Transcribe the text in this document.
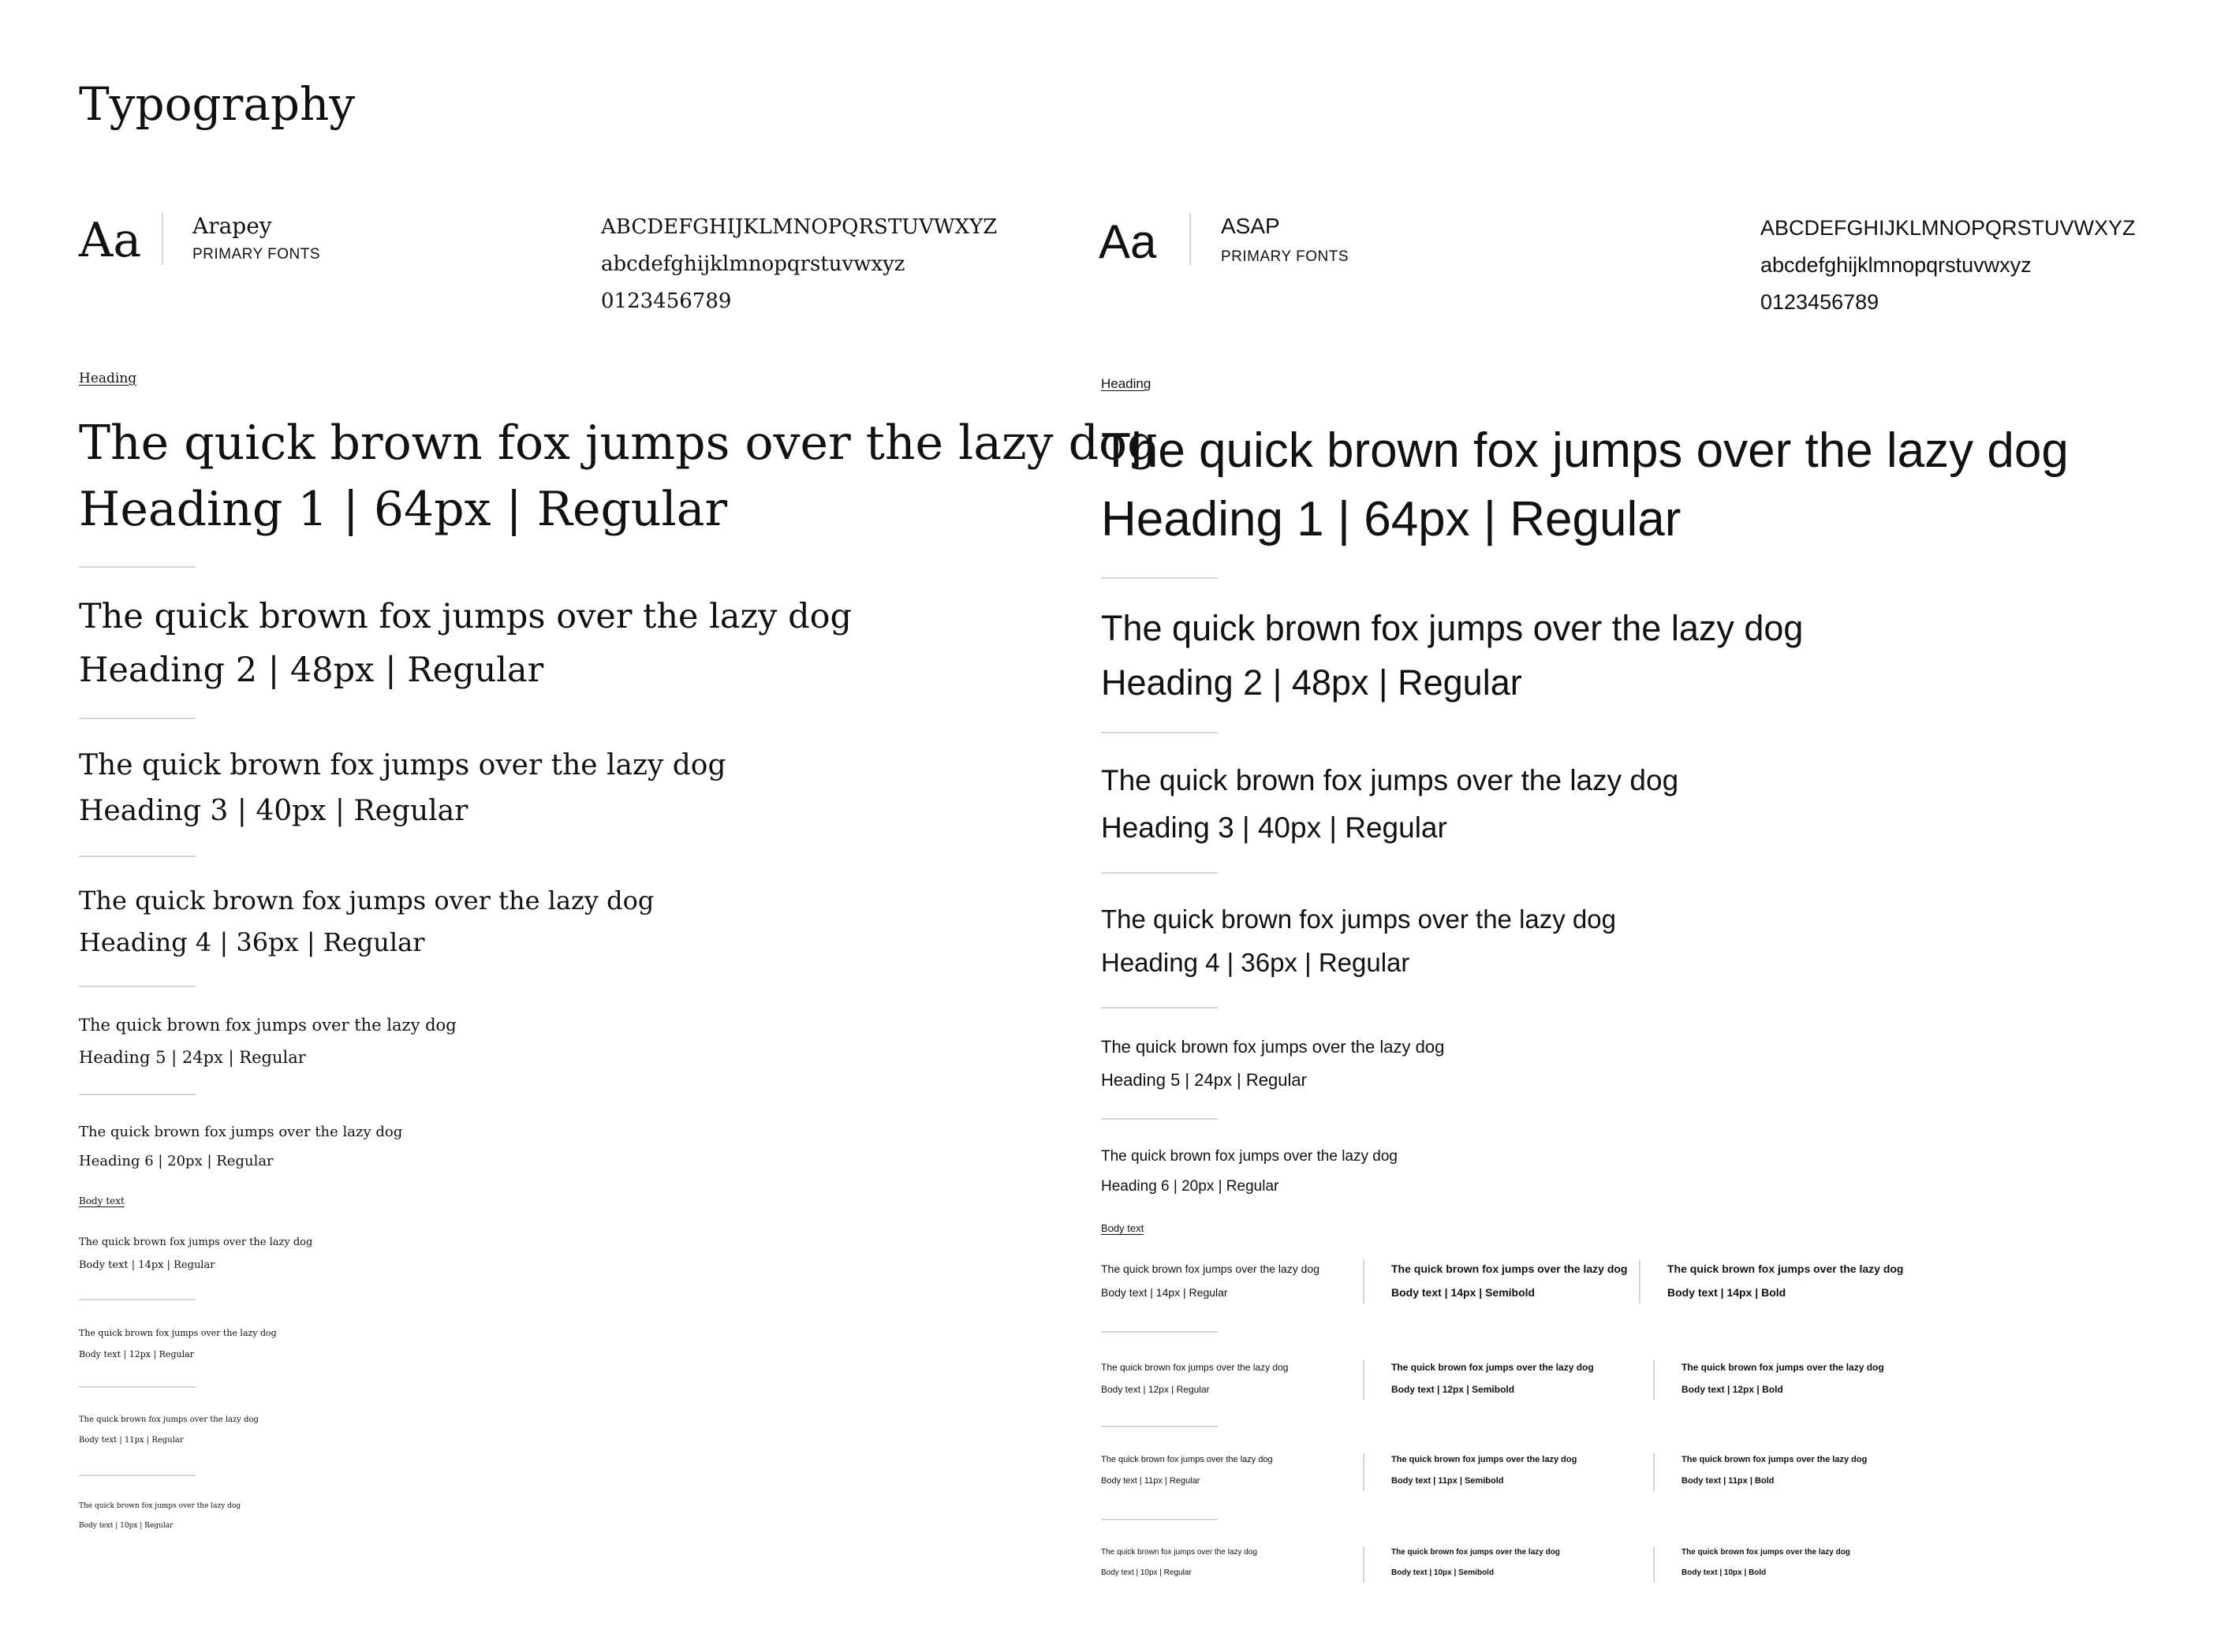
Typography
Aa Arapey
PRIMARY FONTS
ABCDEFGHIJKLMNOPQRSTUVWXYZ
abcdefghijklmnopqrstuvwxyz
0123456789
Heading
The quick brown fox jumps over the lazy dog
Heading 1 | 64px | Regular
The quick brown fox jumps over the lazy dog
Heading 2 | 48px | Regular
The quick brown fox jumps over the lazy dog
Heading 3 | 40px | Regular
The quick brown fox jumps over the lazy dog
Heading 4 | 36px | Regular
The quick brown fox jumps over the lazy dog
Heading 5 | 24px | Regular
The quick brown fox jumps over the lazy dog
Heading 6 | 20px | Regular
Body text
The quick brown fox jumps over the lazy dog
Body text | 14px | Regular
The quick brown fox jumps over the lazy dog
Body text | 12px | Regular
The quick brown fox jumps over the lazy dog
Body text | 11px | Regular
The quick brown fox jumps over the lazy dog
Body text | 10px | Regular
Aa	ASAP
PRIMARY FONTS
ABCDEFGHIJKLMNOPQRSTUVWXYZ
abcdefghijklmnopqrstuvwxyz
0123456789
Heading
The quick brown fox jumps over the lazy dog
Heading 1 | 64px | Regular
The quick brown fox jumps over the lazy dog
Heading 2 | 48px | Regular
The quick brown fox jumps over the lazy dog
Heading 3 | 40px | Regular
The quick brown fox jumps over the lazy dog
Heading 4 | 36px | Regular
The quick brown fox jumps over the lazy dog
Heading 5 | 24px | Regular
The quick brown fox jumps over the lazy dog
Heading 6 | 20px | Regular
Body text
The quick brown fox jumps over the lazy dog
Body text | 14px | Regular
The quick brown fox jumps over the lazy dog
Body text | 14px | Semibold
The quick brown fox jumps over the lazy dog
Body text | 14px | Bold
The quick brown fox jumps over the lazy dog
Body text | 12px | Regular
The quick brown fox jumps over the lazy dog
Body text | 12px | Semibold
The quick brown fox jumps over the lazy dog
Body text | 12px | Bold
The quick brown fox jumps over the lazy dog
Body text | 11px | Regular
The quick brown fox jumps over the lazy dog
Body text | 11px | Semibold
The quick brown fox jumps over the lazy dog
Body text | 11px | Bold
The quick brown fox jumps over the lazy dog
Body text | 10px | Regular
The quick brown fox jumps over the lazy dog
Body text | 10px | Semibold
The quick brown fox jumps over the lazy dog
Body text | 10px | Bold
